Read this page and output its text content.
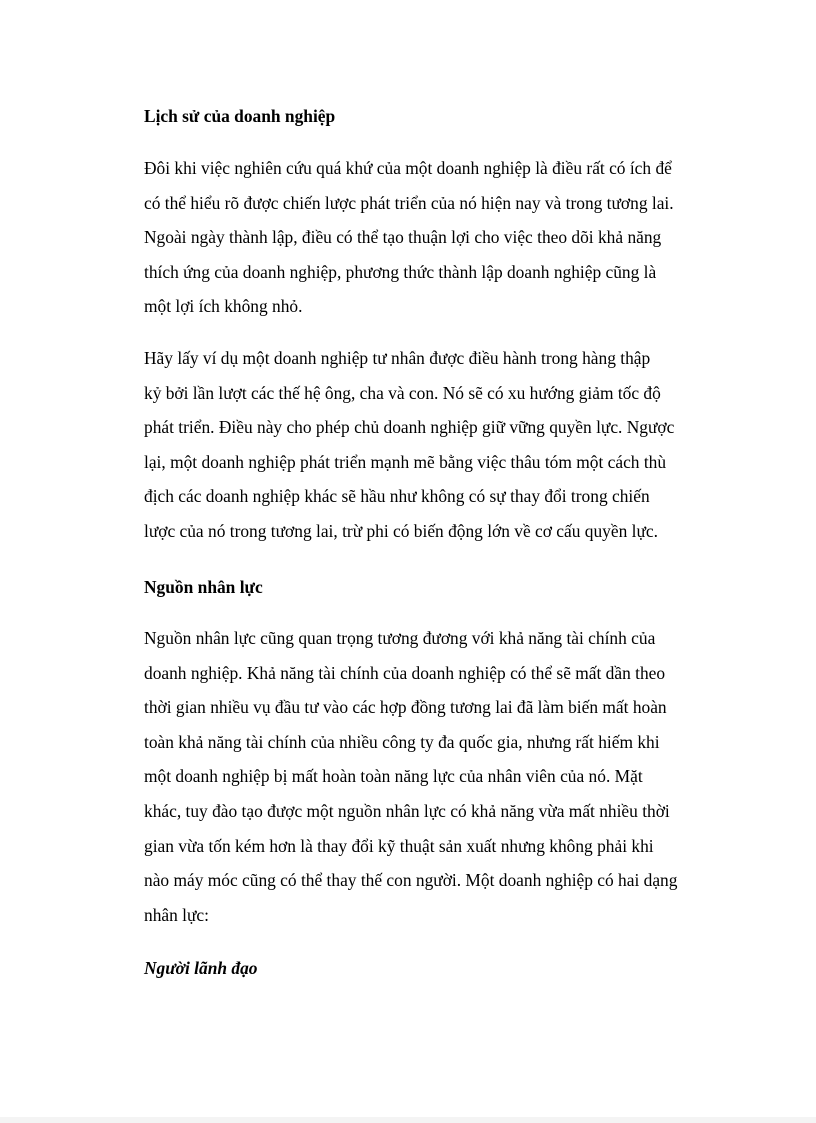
Lịch sử của doanh nghiệp
Đôi khi việc nghiên cứu quá khứ của một doanh nghiệp là điều rất có ích để
có thể hiểu rõ được chiến lược phát triển của nó hiện nay và trong tương lai.
Ngoài ngày thành lập, điều có thể tạo thuận lợi cho việc theo dõi khả năng
thích ứng của doanh nghiệp, phương thức thành lập doanh nghiệp cũng là
một lợi ích không nhỏ.
Hãy lấy ví dụ một doanh nghiệp tư nhân được điều hành trong hàng thập
kỷ bởi lần lượt các thế hệ ông, cha và con. Nó sẽ có xu hướng giảm tốc độ
phát triển. Điều này cho phép chủ doanh nghiệp giữ vững quyền lực. Ngược
lại, một doanh nghiệp phát triển mạnh mẽ bằng việc thâu tóm một cách thù
địch các doanh nghiệp khác sẽ hầu như không có sự thay đổi trong chiến
lược của nó trong tương lai, trừ phi có biến động lớn về cơ cấu quyền lực.
Nguồn nhân lực
Nguồn nhân lực cũng quan trọng tương đương với khả năng tài chính của
doanh nghiệp. Khả năng tài chính của doanh nghiệp có thể sẽ mất dần theo
thời gian nhiều vụ đầu tư vào các hợp đồng tương lai đã làm biến mất hoàn
toàn khả năng tài chính của nhiều công ty đa quốc gia, nhưng rất hiếm khi
một doanh nghiệp bị mất hoàn toàn năng lực của nhân viên của nó. Mặt
khác, tuy đào tạo được một nguồn nhân lực có khả năng vừa mất nhiều thời
gian vừa tốn kém hơn là thay đổi kỹ thuật sản xuất nhưng không phải khi
nào máy móc cũng có thể thay thế con người. Một doanh nghiệp có hai dạng
nhân lực:
Người lãnh đạo
